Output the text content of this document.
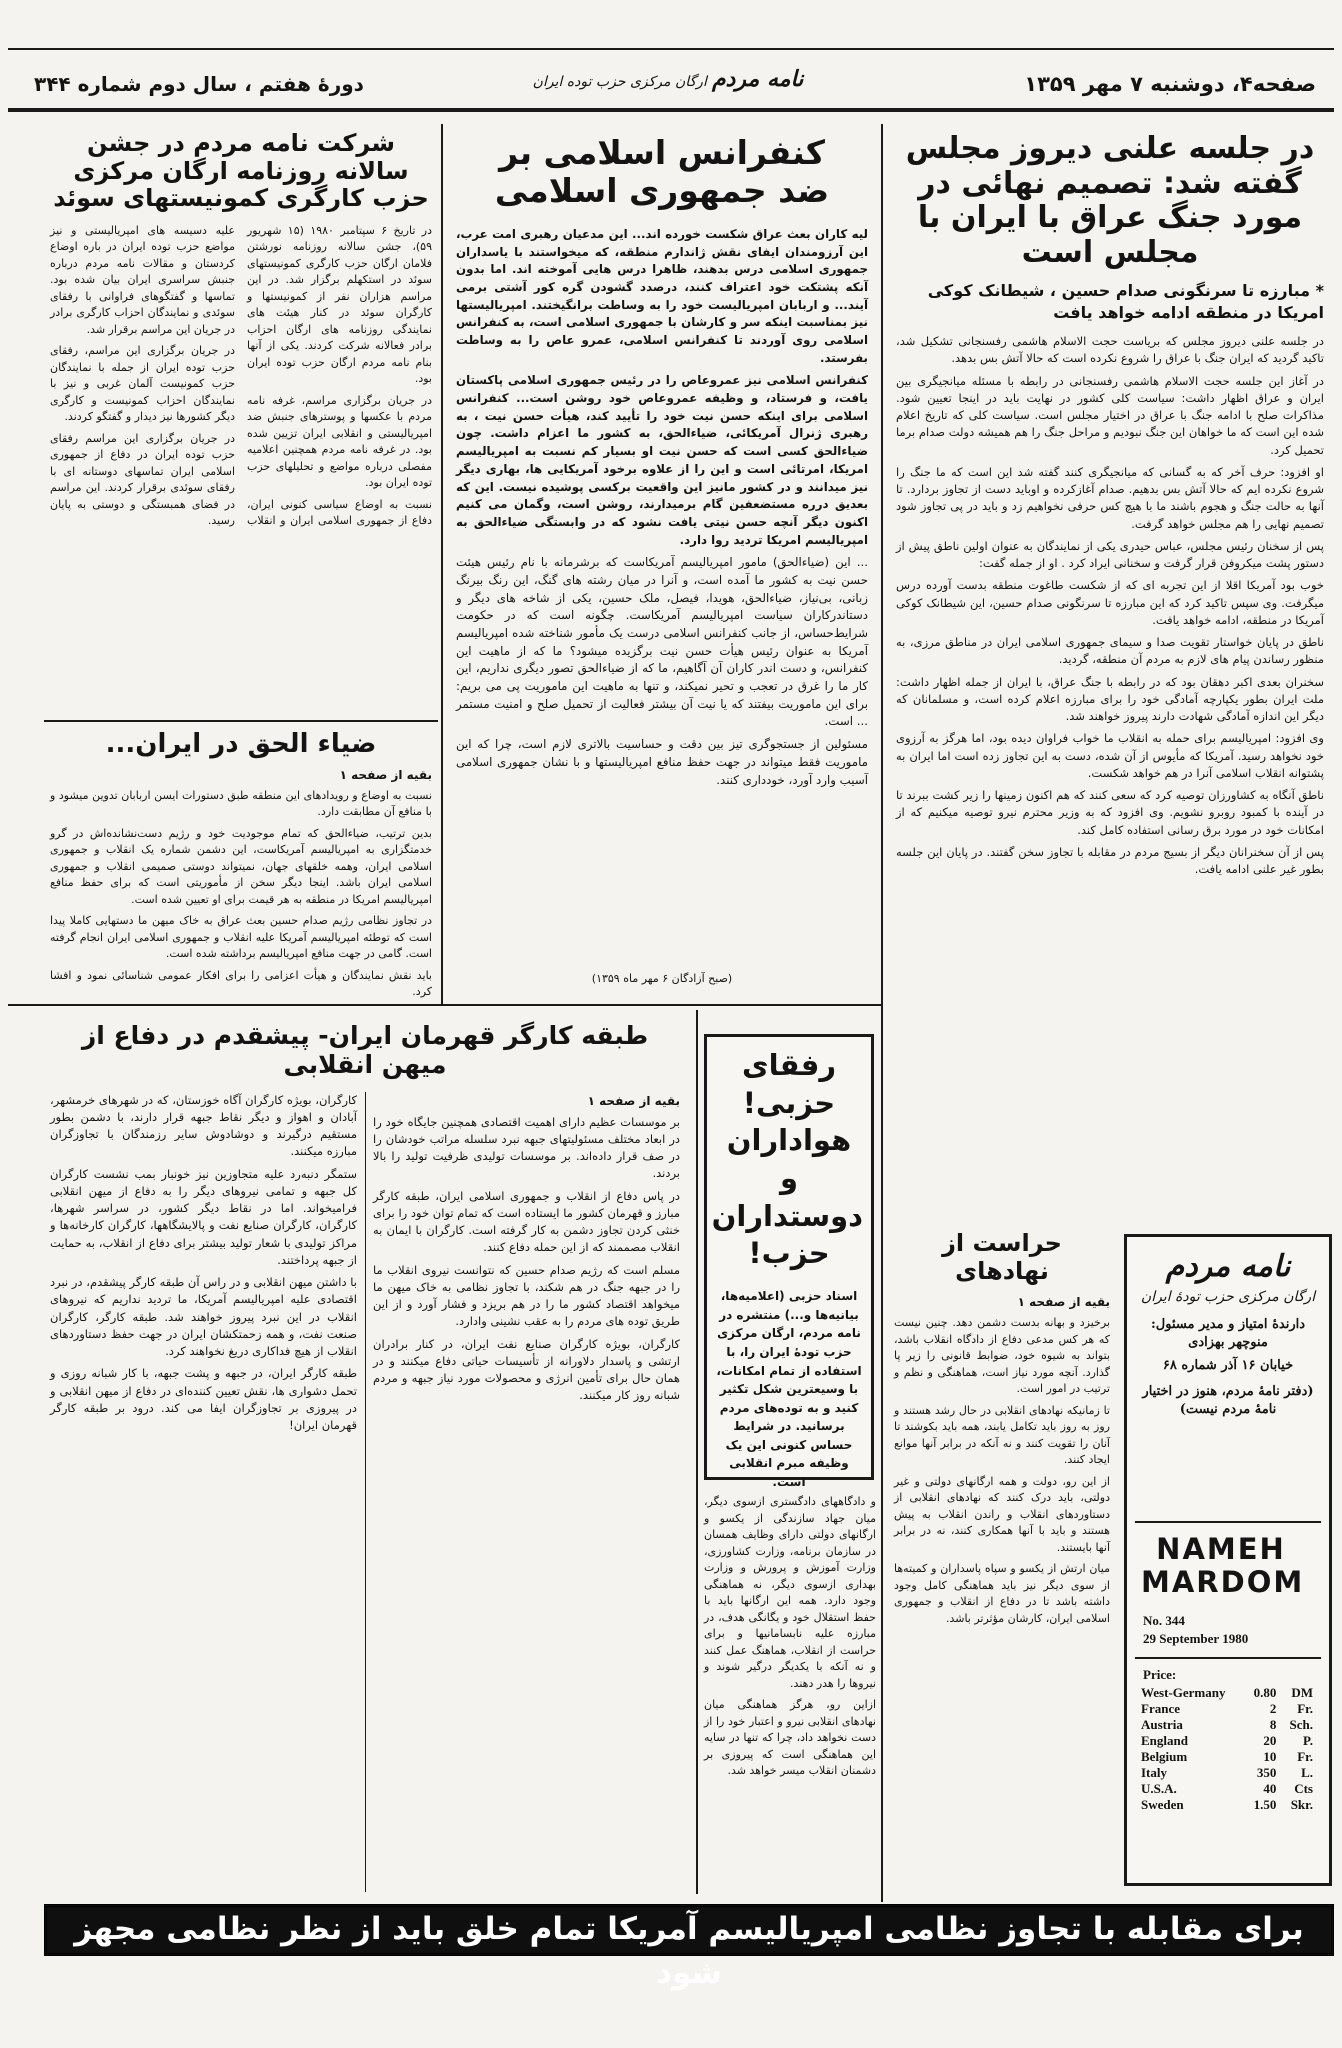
صفحه۴، دوشنبه ۷ مهر ۱۳۵۹
نامه مردم ارگان مرکزی حزب توده ایران
دورهٔ هفتم ، سال دوم شماره ۳۴۴
در جلسه علنی دیروز مجلس گفته شد: تصمیم نهائی در مورد جنگ عراق با ایران با مجلس است
* مبارزه تا سرنگونی صدام حسین ، شیطانک کوکی امریکا در منطقه ادامه خواهد یافت

در جلسه علنی دیروز مجلس که بریاست حجت الاسلام هاشمی رفسنجانی تشکیل شد، تاکید گردید که ایران جنگ با عراق را شروع نکرده است که حالا آتش بس بدهد.

در آغاز این جلسه حجت الاسلام هاشمی رفسنجانی در رابطه با مسئله میانجیگری بین ایران و عراق اظهار داشت: سیاست کلی کشور در نهایت باید در اینجا تعیین شود. مذاکرات صلح با ادامه جنگ با عراق در اختیار مجلس است. سیاست کلی که تاریخ اعلام شده این است که ما خواهان این جنگ نبودیم و مراحل جنگ را هم همیشه دولت صدام برما تحمیل کرد.

او افزود: حرف آخر که به گسانی که میانجیگری کنند گفته شد این است که ما جنگ را شروع نکرده ایم که حالا آتش بس بدهیم. صدام آغازکرده و اوباید دست از تجاوز بردارد. تا آنها به حالت جنگ و هجوم باشند ما با هیچ کس حرفی نخواهیم زد و باید در پی تجاوز شود تصمیم نهایی را هم مجلس خواهد گرفت.

پس از سخنان رئیس مجلس، عباس حیدری یکی از نمایندگان به عنوان اولین ناطق پیش از دستور پشت میکروفن قرار گرفت و سخنانی ایراد کرد . او از جمله گفت:

خوب بود آمریکا اقلا از این تجربه ای که از شکست طاغوت منطقه بدست آورده درس میگرفت. وی سپس تاکید کرد که این مبارزه تا سرنگونی صدام حسین، این شیطانک کوکی آمریکا در منطقه، ادامه خواهد یافت.

ناطق در پایان خواستار تقویت صدا و سیمای جمهوری اسلامی ایران در مناطق مرزی، به منظور رساندن پیام های لازم به مردم آن منطقه، گردید.

سخنران بعدی اکبر دهقان بود که در رابطه با جنگ عراق، با ایران از جمله اظهار داشت: ملت ایران بطور یکپارچه آمادگی خود را برای مبارزه اعلام کرده است، و مسلمانان که دیگر این اندازه آمادگی شهادت دارند پیروز خواهند شد.

وی افزود: امپریالیسم برای حمله به انقلاب ما خواب فراوان دیده بود، اما هرگز به آرزوی خود نخواهد رسید. آمریکا که مأیوس از آن شده، دست به این تجاوز زده است اما ایران به پشتوانه انقلاب اسلامی آنرا در هم خواهد شکست.

ناطق آنگاه به کشاورزان توصیه کرد که سعی کنند که هم اکنون زمینها را زیر کشت ببرند تا در آینده با کمبود روبرو نشویم. وی افزود که به وزیر محترم نیرو توصیه میکنیم که از امکانات خود در مورد برق رسانی استفاده کامل کند.

پس از آن سخنرانان دیگر از بسیج مردم در مقابله با تجاوز سخن گفتند. در پایان این جلسه بطور غیر علنی ادامه یافت.

کنفرانس اسلامی بر ضد جمهوری اسلامی

لیه کاران بعث عراق شکست خورده اند... این مدعیان رهبری امت عرب، این آرزومندان ایفای نقش ژاندارم منطقه، که میخواستند با یاسداران جمهوری اسلامی درس بدهند، ظاهرا درس هایی آموخته اند. اما بدون آنکه پشتکت خود اعتراف کنند، درصدد گشودن گره کور آشتی برمی آیند... و اربابان امپریالیست خود را به وساطت برانگیختند. امپریالیستها نیز بمناسبت اینکه سر و کارشان با جمهوری اسلامی است، به کنفرانس اسلامی روی آوردند تا کنفرانس اسلامی، عمرو عاص را به وساطت بفرستد.

کنفرانس اسلامی نیز عمروعاص را در رئیس جمهوری اسلامی پاکستان یافت، و فرستاد، و وظیفه عمروعاص خود روشن است... کنفرانس اسلامی برای اینکه حسن نیت خود را تأیید کند، هیأت حسن نیت ، به رهبری ژنرال آمریکائی، ضیاءالحق، به کشور ما اعزام داشت. چون ضیاءالحق کسی است که حسن نیت او بسیار کم نسبت به امپریالیسم امریکا، امرتائی است و این را از علاوه برخود آمریکایی ها، بهاری دیگر نیز میدانند و در کشور مانیز این واقعیت برکسی پوشیده نیست. این که بعدیق درره مستضعفین گام برمیدارند، روشن است، وگمان می کنیم اکنون دیگر آنچه حسن نیتی یافت نشود که در وابستگی ضیاءالحق به امپریالیسم امریکا تردید روا دارد.

... این (ضیاءالحق) مامور امپریالیسم آمریکاست که برشرمانه با نام رئیس هیئت حسن نیت به کشور ما آمده است، و آنرا در میان رشته های گنگ، این رنگ بیرنگ زبانی، بی‌نیاز، ضیاءالحق، هویدا، فیصل، ملک حسین، یکی از شاخه های دیگر و دستاندرکاران سیاست امپریالیسم آمریکاست. چگونه است که در حکومت شرایط‌حساس، از جانب کنفرانس اسلامی درست یک مأمور شناخته شده امپریالیسم آمریکا به عنوان رئیس هیأت حسن نیت برگزیده میشود؟ ما که از ماهیت این کنفرانس، و دست اندر کاران آن آگاهیم، ما که از ضیاءالحق تصور دیگری نداریم، این کار ما را غرق در تعجب و تحیر نمیکند، و تنها به ماهیت این ماموریت پی می بریم: برای این ماموریت بیفتند که یا نیت آن بیشتر فعالیت از تحمیل صلح و امنیت مستمر ... است.

مسئولین از جستجوگری تیز بین دقت و حساسیت بالاتری لازم است، چرا که این ماموریت فقط میتواند در جهت حفظ منافع امپریالیستها و با نشان جمهوری اسلامی آسیب وارد آورد، خودداری کنند.

(صبح آزادگان ۶ مهر ماه ۱۳۵۹)
شرکت نامه مردم در جشن سالانه روزنامه ارگان مرکزی حزب کارگری کمونیستهای سوئد

در تاریخ ۶ سپتامبر ۱۹۸۰ (۱۵ شهریور ۵۹)، جشن سالانه روزنامه نورشتن فلامان ارگان حزب کارگری کمونیستهای سوئد در استکهلم برگزار شد. در این مراسم هزاران نفر از کمونیستها و کارگران سوئد در کنار هیئت های نمایندگی روزنامه های ارگان احزاب برادر فعالانه شرکت کردند. یکی از آنها بنام نامه مردم ارگان حزب توده ایران بود.

در جریان برگزاری مراسم، غرفه نامه مردم با عکسها و پوسترهای جنبش ضد امپریالیستی و انقلابی ایران تزیین شده بود. در غرفه نامه مردم همچنین اعلامیه مفصلی درباره مواضع و تحلیلهای حزب توده ایران بود.

نسبت به اوضاع سیاسی کنونی ایران، دفاع از جمهوری اسلامی ایران و انقلاب علیه دسیسه های امپریالیستی و نیز مواضع حزب توده ایران در باره اوضاع کردستان و مقالات نامه مردم درباره جنبش سراسری ایران بیان شده بود. تماسها و گفتگوهای فراوانی با رفقای سوئدی و نمایندگان احزاب کارگری برادر در جریان این مراسم برقرار شد.

در جریان برگزاری این مراسم، رفقای حزب توده ایران از جمله با نمایندگان حزب کمونیست آلمان غربی و نیز با نمایندگان احزاب کمونیست و کارگری دیگر کشورها نیز دیدار و گفتگو کردند.

در جریان برگزاری این مراسم رفقای حزب توده ایران در دفاع از جمهوری اسلامی ایران تماسهای دوستانه ای با رفقای سوئدی برقرار کردند. این مراسم در فضای همبستگی و دوستی به پایان رسید.

ضیاء الحق در ایران...
بقیه از صفحه ۱

نسبت به اوضاع و رویدادهای این منطقه طبق دستورات ایسن اربابان تدوین میشود و با منافع آن مطابقت دارد.

بدین ترتیب، ضیاءالحق که تمام موجودیت خود و رژیم دست‌نشانده‌اش در گرو خدمتگزاری به امپریالیسم آمریکاست، این دشمن شماره یک انقلاب و جمهوری اسلامی ایران، وهمه خلقهای جهان، نمیتواند دوستی صمیمی انقلاب و جمهوری اسلامی ایران باشد. اینجا دیگر سخن از مأموریتی است که برای حفظ منافع امپریالیسم امریکا در منطقه به هر قیمت برای او تعیین شده است.

در تجاوز نظامی رژیم صدام حسین بعث عراق به خاک میهن ما دستهایی کاملا پیدا است که توطئه امپریالیسم آمریکا علیه انقلاب و جمهوری اسلامی ایران انجام گرفته است. گامی در جهت منافع امپریالیسم برداشته شده است.

باید نقش نمایندگان و هیأت اعزامی را برای افکار عمومی شناسائی نمود و افشا کرد.

طبقه کارگر قهرمان ایران- پیشقدم در دفاع از میهن انقلابی
بقیه از صفحه ۱

بر موسسات عظیم دارای اهمیت اقتصادی همچنین جایگاه خود را در ابعاد مختلف مسئولیتهای جبهه نبرد سلسله مراتب خودشان را در صف قرار داده‌اند. بر موسسات تولیدی ظرفیت تولید را بالا بردند.

در پاس دفاع از انقلاب و جمهوری اسلامی ایران، طبقه کارگر مبارز و قهرمان کشور ما ایستاده است که تمام توان خود را برای خنثی کردن تجاوز دشمن به کار گرفته است. کارگران با ایمان به انقلاب مصممند که از این حمله دفاع کنند.

مسلم است که رژیم صدام حسین که نتوانست نیروی انقلاب ما را در جبهه جنگ در هم شکند، با تجاوز نظامی به خاک میهن ما میخواهد اقتصاد کشور ما را در هم بریزد و فشار آورد و از این طریق توده های مردم را به عقب نشینی وادارد.

کارگران، بویژه کارگران صنایع نفت ایران، در کنار برادران ارتشی و پاسدار دلاورانه از تأسیسات حیاتی دفاع میکنند و در همان حال برای تأمین انرژی و محصولات مورد نیاز جبهه و مردم شبانه روز کار میکنند.

کارگران، بویژه کارگران آگاه خوزستان، که در شهرهای خرمشهر، آبادان و اهواز و دیگر نقاط جبهه قرار دارند، با دشمن بطور مستقیم درگیرند و دوشادوش سایر رزمندگان با تجاوزگران مبارزه میکنند.

ستمگر دنبه‌رد علیه متجاوزین نیز خونبار بمب نشست کارگران کل جبهه و تمامی نیروهای دیگر را به دفاع از میهن انقلابی فرامیخواند. اما در نقاط دیگر کشور، در سراسر شهرها، کارگران، کارگران صنایع نفت و پالایشگاهها، کارگران کارخانه‌ها و مراکز تولیدی با شعار تولید بیشتر برای دفاع از انقلاب، به حمایت از جبهه پرداختند.

با داشتن میهن انقلابی و در راس آن طبقه کارگر پیشقدم، در نبرد اقتصادی علیه امپریالیسم آمریکا، ما تردید نداریم که نیروهای انقلاب در این نبرد پیروز خواهند شد. طبقه کارگر، کارگران صنعت نفت، و همه زحمتکشان ایران در جهت حفظ دستاوردهای انقلاب از هیچ فداکاری دریغ نخواهند کرد.

طبقه کارگر ایران، در جبهه و پشت جبهه، با کار شبانه روزی و تحمل دشواری ها، نقش تعیین کننده‌ای در دفاع از میهن انقلابی و در پیروزی بر تجاوزگران ایفا می کند. درود بر طبقه کارگر قهرمان ایران!

رفقای حزبی! هواداران و دوستداران حزب!
اسناد حزبی (اعلامیه‌ها، بیانیه‌ها و...) منتشره در نامه مردم، ارگان مرکزی حزب تودهٔ ایران را، با استفاده از تمام امکانات، با وسیعترین شکل تکثیر کنید و به توده‌های مردم برسانید. در شرایط حساس کنونی این یک وظیفه مبرم انقلابی است.

و دادگاههای دادگستری ازسوی دیگر، میان جهاد سازندگی از یکسو و ارگانهای دولتی دارای وظایف همسان در سازمان برنامه، وزارت کشاورزی، وزارت آموزش و پرورش و وزارت بهداری ازسوی دیگر، نه هماهنگی وجود دارد. همه این ارگانها باید با حفظ استقلال خود و یگانگی هدف، در مبارزه علیه نابسامانیها و برای حراست از انقلاب، هماهنگ عمل کنند و نه آنکه با یکدیگر درگیر شوند و نیروها را هدر دهند.

ازاین رو، هرگز هماهنگی میان نهادهای انقلابی نیرو و اعتبار خود را از دست نخواهد داد، چرا که تنها در سایه این هماهنگی است که پیروزی بر دشمنان انقلاب میسر خواهد شد.

حراست از نهادهای
بقیه از صفحه ۱

برخیزد و بهانه بدست دشمن دهد. چنین نیست که هر کس مدعی دفاع از دادگاه انقلاب باشد، بتواند به شیوه خود، ضوابط قانونی را زیر پا گذارد. آنچه مورد نیاز است، هماهنگی و نظم و ترتیب در امور است.

تا زمانیکه نهادهای انقلابی در حال رشد هستند و روز به روز باید تکامل یابند، همه باید بکوشند تا آنان را تقویت کنند و نه آنکه در برابر آنها موانع ایجاد کنند.

از این رو، دولت و همه ارگانهای دولتی و غیر دولتی، باید درک کنند که نهادهای انقلابی از دستاوردهای انقلاب و راندن انقلاب به پیش هستند و باید با آنها همکاری کنند، نه در برابر آنها بایستند.

میان ارتش از یکسو و سپاه پاسداران و کمیته‌ها از سوی دیگر نیز باید هماهنگی کامل وجود داشته باشد تا در دفاع از انقلاب و جمهوری اسلامی ایران، کارشان مؤثرتر باشد.

نامه مردم
ارگان مرکزی حزب تودهٔ ایران
دارندهٔ امتیاز و مدیر مسئول: منوچهر بهزادی
خیابان ۱۶ آذر شماره ۶۸
(دفتر نامهٔ مردم، هنوز در اختیار نامهٔ مردم نیست)
NAMEH MARDOM
No. 344
29 September 1980
Price:
West-Germany	0.80	DM
France	2	Fr.
Austria	8	Sch.
England	20	P.
Belgium	10	Fr.
Italy	350	L.
U.S.A.	40	Cts
Sweden	1.50	Skr.
برای مقابله با تجاوز نظامی امپریالیسم آمریکا تمام خلق باید از نظر نظامی مجهز شود
